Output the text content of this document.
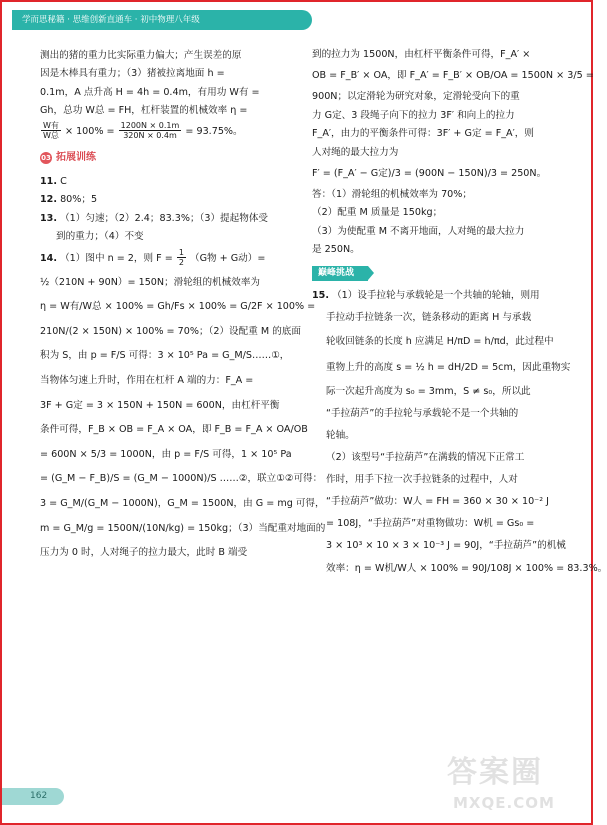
学而思秘籍 · 思维创新直通车 · 初中物理八年级
测出的猪的重力比实际重力偏大；产生误差的原
因是木棒具有重力；（3）猪被拉离地面 h =
0.1m，A 点升高 H = 4h = 0.4m，有用功 W有 =
Gh，总功 W总 = FH，杠杆装置的机械效率 η =
W有
W总 × $100\% = \frac{1200N \times 0.1m}{320N \times 0.4m} = 93.75\%$。
03 拓展训练
11. C
12. 80%；5
13. （1）匀速；（2）2.4；83.3%；（3）提起物体受
到的重力；（4）不变
14. （1）图中 n = 2，则 $F = \frac{1}{2} (G$物 + G动）=
½（210N + 90N）= 150N；滑轮组的机械效率为
η = W有/W总 × 100% = Gh/Fs × 100% = G/2F × 100% =
210N/(2 × 150N) × 100% = 70%；（2）设配重 M 的底面
积为 S，由 p = F/S 可得：3 × 10⁵ Pa = G_M/S……①，
当物体匀速上升时，作用在杠杆 A 端的力：F_A =
3F + G定 = 3 × 150N + 150N = 600N，由杠杆平衡
条件可得，F_B × OB = F_A × OA，即 F_B = F_A × OA/OB
= 600N × 5/3 = 1000N，由 p = F/S 可得，1 × 10⁵ Pa
= (G_M − F_B)/S = (G_M − 1000N)/S ……②，联立①②可得：
3 = G_M/(G_M − 1000N)，G_M = 1500N，由 G = mg 可得，
m = G_M/g = 1500N/(10N/kg) = 150kg；（3）当配重对地面的
压力为 0 时，人对绳子的拉力最大，此时 B 端受
到的拉力为 1500N，由杠杆平衡条件可得，F_A′ ×
OB = F_B′ × OA，即 F_A′ = F_B′ × OB/OA = 1500N × 3/5 =
900N；以定滑轮为研究对象，定滑轮受向下的重
力 G定、3 段绳子向下的拉力 3F′ 和向上的拉力
F_A′，由力的平衡条件可得：3F′ + G定 = F_A′，则
人对绳的最大拉力为
F′ = (F_A′ − G定)/3 = (900N − 150N)/3 = 250N。
答：（1）滑轮组的机械效率为 70%；
（2）配重 M 质量是 150kg；
（3）为使配重 M 不离开地面，人对绳的最大拉力
是 250N。
巅峰挑战
15. （1）设手拉轮与承载轮是一个共轴的轮轴，则用
手拉动手拉链条一次，链条移动的距离 H 与承载
轮收回链条的长度 h 应满足 H/πD = h/πd，此过程中
重物上升的高度 s = ½ h = dH/2D = 5cm，因此重物实
际一次起升高度为 s₀ = 3mm，S ≠ s₀，所以此
“手拉葫芦”的手拉轮与承载轮不是一个共轴的
轮轴。
（2）该型号“手拉葫芦”在满载的情况下正常工
作时，用手下拉一次手拉链条的过程中，人对
“手拉葫芦”做功：W人 = FH = 360 × 30 × 10⁻² J
= 108J，“手拉葫芦”对重物做功：W机 = Gs₀ =
3 × 10³ × 10 × 3 × 10⁻³ J = 90J，“手拉葫芦”的机械
效率：η = W机/W人 × 100% = 90J/108J × 100% = 83.3%。
162
答案圈
MXQE.COM
